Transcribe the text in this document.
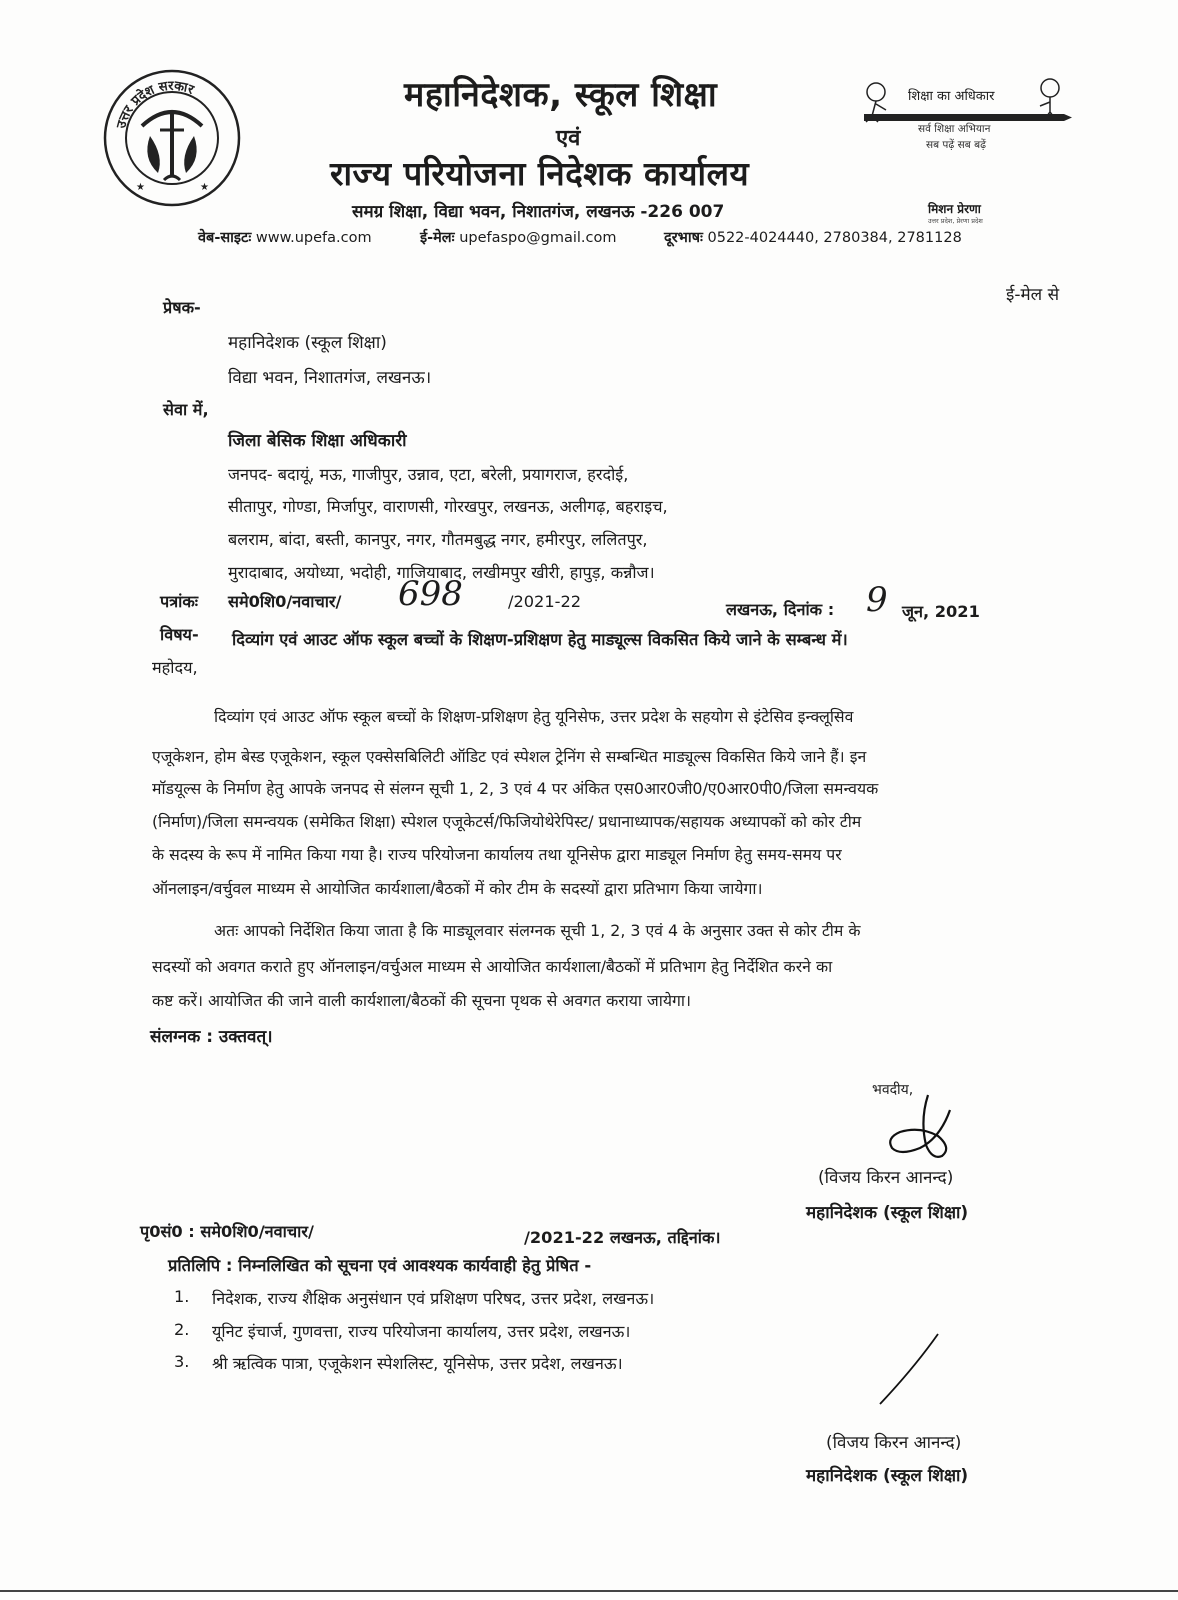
उत्तर प्रदेश सरकार
★	★
महानिदेशक, स्कूल शिक्षा
एवं
राज्य परियोजना निदेशक कार्यालय
समग्र शिक्षा, विद्या भवन, निशातगंज, लखनऊ -226 007
वेब-साइटः www.upefa.com	ई-मेलः upefaspo@gmail.com	दूरभाषः 0522-4024440, 2780384, 2781128
शिक्षा का अधिकार
सर्व शिक्षा अभियान
सब पढ़ें सब बढ़ें
मिशन प्रेरणा
उत्तर प्रदेश, प्रेरणा प्रदेश
ई-मेल से
प्रेषक-
महानिदेशक (स्कूल शिक्षा)
विद्या भवन, निशातगंज, लखनऊ।
सेवा में,
जिला बेसिक शिक्षा अधिकारी
जनपद- बदायूं, मऊ, गाजीपुर, उन्नाव, एटा, बरेली, प्रयागराज, हरदोई,
सीतापुर, गोण्डा, मिर्जापुर, वाराणसी, गोरखपुर, लखनऊ, अलीगढ़, बहराइच,
बलराम, बांदा, बस्ती, कानपुर, नगर, गौतमबुद्ध नगर, हमीरपुर, ललितपुर,
मुरादाबाद, अयोध्या, भदोही, गाजियाबाद, लखीमपुर खीरी, हापुड़, कन्नौज।
पत्रांकः समे0शि0/नवाचार/ 698	/2021-22	लखनऊ, दिनांक : 9 जून, 2021
विषय- दिव्यांग एवं आउट ऑफ स्कूल बच्चों के शिक्षण-प्रशिक्षण हेतु माड्यूल्स विकसित किये जाने के सम्बन्ध में।
महोदय,
दिव्यांग एवं आउट ऑफ स्कूल बच्चों के शिक्षण-प्रशिक्षण हेतु यूनिसेफ, उत्तर प्रदेश के सहयोग से इंटेसिव इन्क्लूसिव
एजूकेशन, होम बेस्ड एजूकेशन, स्कूल एक्सेसबिलिटी ऑडिट एवं स्पेशल ट्रेनिंग से सम्बन्धित माड्यूल्स विकसित किये जाने हैं। इन
मॉडयूल्स के निर्माण हेतु आपके जनपद से संलग्न सूची 1, 2, 3 एवं 4 पर अंकित एस0आर0जी0/ए0आर0पी0/जिला समन्वयक
(निर्माण)/जिला समन्वयक (समेकित शिक्षा) स्पेशल एजूकेटर्स/फिजियोथेरेपिस्ट/ प्रधानाध्यापक/सहायक अध्यापकों को कोर टीम
के सदस्य के रूप में नामित किया गया है। राज्य परियोजना कार्यालय तथा यूनिसेफ द्वारा माड्यूल निर्माण हेतु समय-समय पर
ऑनलाइन/वर्चुवल माध्यम से आयोजित कार्यशाला/बैठकों में कोर टीम के सदस्यों द्वारा प्रतिभाग किया जायेगा।
अतः आपको निर्देशित किया जाता है कि माड्यूलवार संलग्नक सूची 1, 2, 3 एवं 4 के अनुसार उक्त से कोर टीम के
सदस्यों को अवगत कराते हुए ऑनलाइन/वर्चुअल माध्यम से आयोजित कार्यशाला/बैठकों में प्रतिभाग हेतु निर्देशित करने का
कष्ट करें। आयोजित की जाने वाली कार्यशाला/बैठकों की सूचना पृथक से अवगत कराया जायेगा।
संलग्नक : उक्तवत्।
भवदीय,
(विजय किरन आनन्द)
महानिदेशक (स्कूल शिक्षा)
पृ0सं0 : समे0शि0/नवाचार/	/2021-22 लखनऊ, तद्दिनांक।
प्रतिलिपि : निम्नलिखित को सूचना एवं आवश्यक कार्यवाही हेतु प्रेषित -
1. निदेशक, राज्य शैक्षिक अनुसंधान एवं प्रशिक्षण परिषद, उत्तर प्रदेश, लखनऊ।
2. यूनिट इंचार्ज, गुणवत्ता, राज्य परियोजना कार्यालय, उत्तर प्रदेश, लखनऊ।
3. श्री ऋत्विक पात्रा, एजूकेशन स्पेशलिस्ट, यूनिसेफ, उत्तर प्रदेश, लखनऊ।
(विजय किरन आनन्द)
महानिदेशक (स्कूल शिक्षा)
